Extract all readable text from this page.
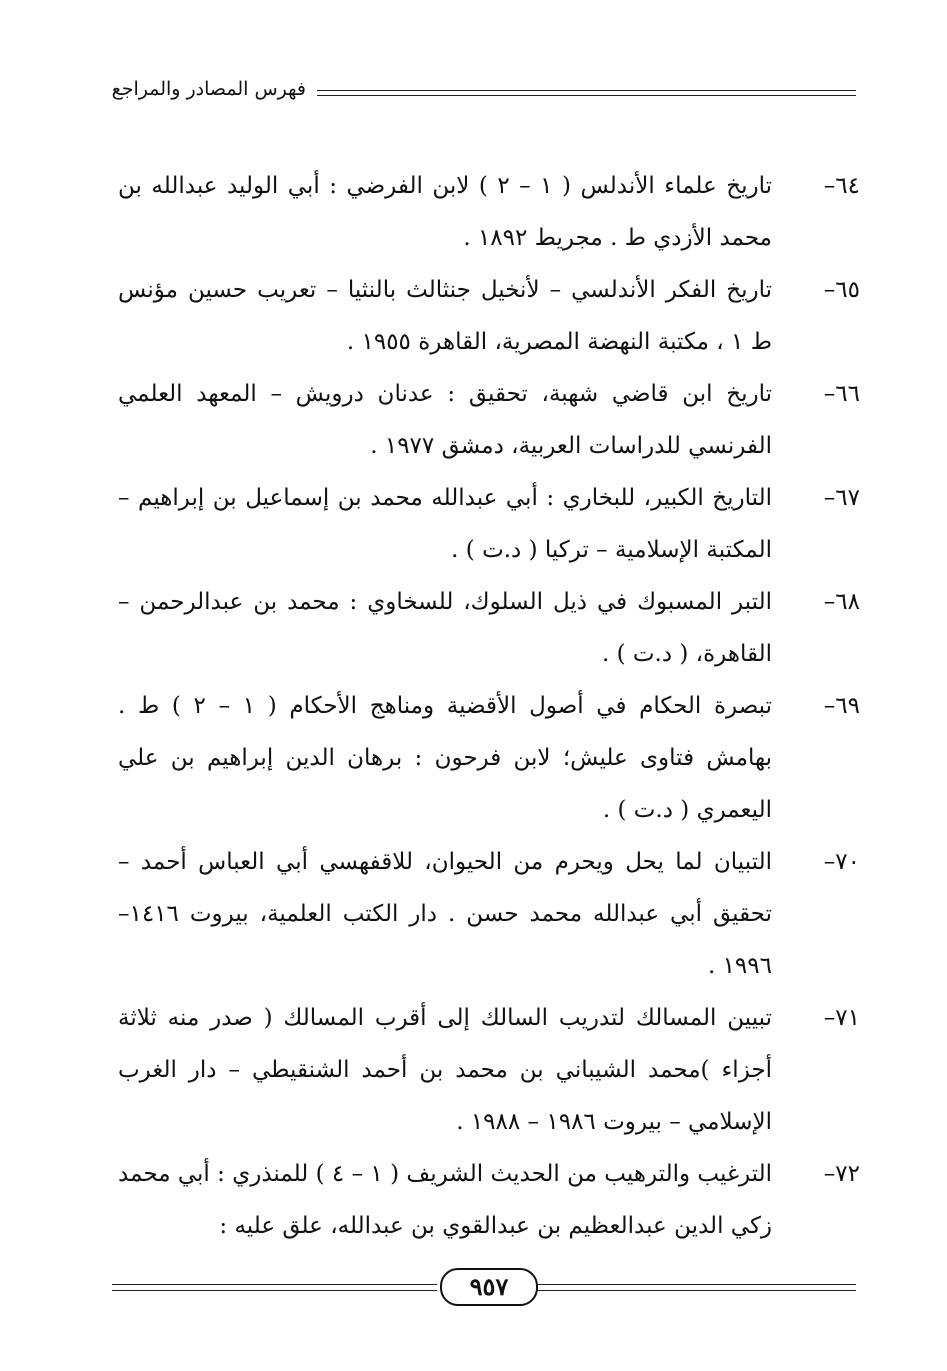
فهرس المصادر والمراجع
٦٤–
تاريخ علماء الأندلس ( ١ – ٢ ) لابن الفرضي : أبي الوليد عبدالله بن محمد الأزدي ط . مجريط ١٨٩٢ .
٦٥–
تاريخ الفكر الأندلسي – لأنخيل جنثالث بالنثيا – تعريب حسين مؤنس ط ١ ، مكتبة النهضة المصرية، القاهرة ١٩٥٥ .
٦٦–
تاريخ ابن قاضي شهبة، تحقيق : عدنان درويش – المعهد العلمي الفرنسي للدراسات العربية، دمشق ١٩٧٧ .
٦٧–
التاريخ الكبير، للبخاري : أبي عبدالله محمد بن إسماعيل بن إبراهيم – المكتبة الإسلامية – تركيا ( د.ت ) .
٦٨–
التبر المسبوك في ذيل السلوك، للسخاوي : محمد بن عبدالرحمن – القاهرة، ( د.ت ) .
٦٩–
تبصرة الحكام في أصول الأقضية ومناهج الأحكام ( ١ – ٢ ) ط . بهامش فتاوى عليش؛ لابن فرحون : برهان الدين إبراهيم بن علي اليعمري ( د.ت ) .
٧٠–
التبيان لما يحل ويحرم من الحيوان، للاقفهسي أبي العباس أحمد – تحقيق أبي عبدالله محمد حسن . دار الكتب العلمية، بيروت ١٤١٦– ١٩٩٦ .
٧١–
تبيين المسالك لتدريب السالك إلى أقرب المسالك ( صدر منه ثلاثة أجزاء )محمد الشيباني بن محمد بن أحمد الشنقيطي – دار الغرب الإسلامي – بيروت ١٩٨٦ – ١٩٨٨ .
٧٢–
الترغيب والترهيب من الحديث الشريف ( ١ – ٤ ) للمنذري : أبي محمد زكي الدين عبدالعظيم بن عبدالقوي بن عبدالله، علق عليه :
٩٥٧
